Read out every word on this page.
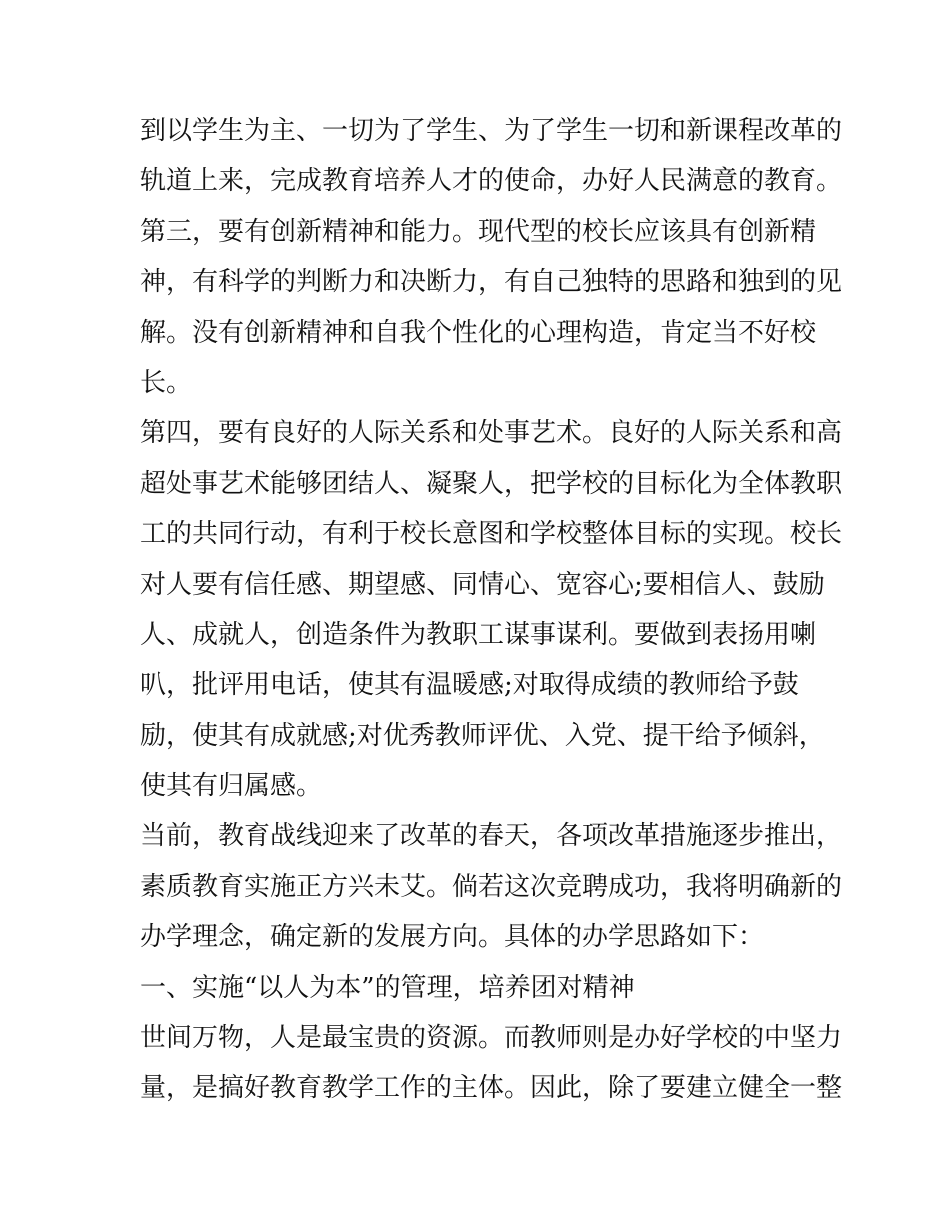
到以学生为主、一切为了学生、为了学生一切和新课程改革的
轨道上来，完成教育培养人才的使命，办好人民满意的教育。
第三，要有创新精神和能力。现代型的校长应该具有创新精
神，有科学的判断力和决断力，有自己独特的思路和独到的见
解。没有创新精神和自我个性化的心理构造，肯定当不好校
长。
第四，要有良好的人际关系和处事艺术。良好的人际关系和高
超处事艺术能够团结人、凝聚人，把学校的目标化为全体教职
工的共同行动，有利于校长意图和学校整体目标的实现。校长
对人要有信任感、期望感、同情心、宽容心;要相信人、鼓励
人、成就人，创造条件为教职工谋事谋利。要做到表扬用喇
叭，批评用电话，使其有温暖感;对取得成绩的教师给予鼓
励，使其有成就感;对优秀教师评优、入党、提干给予倾斜，
使其有归属感。
当前，教育战线迎来了改革的春天，各项改革措施逐步推出，
素质教育实施正方兴未艾。倘若这次竞聘成功，我将明确新的
办学理念，确定新的发展方向。具体的办学思路如下：
一、实施“以人为本”的管理，培养团对精神
世间万物，人是最宝贵的资源。而教师则是办好学校的中坚力
量，是搞好教育教学工作的主体。因此，除了要建立健全一整
